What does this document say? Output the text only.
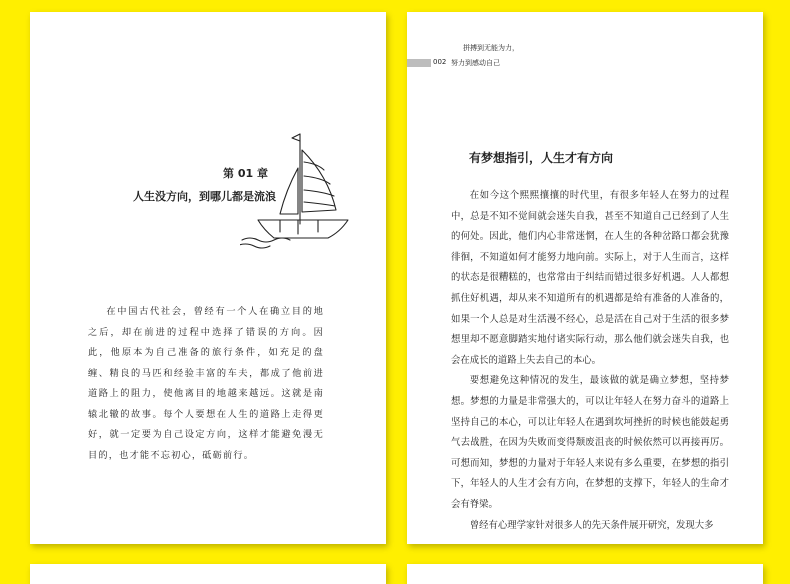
第 01 章
人生没方向，到哪儿都是流浪

在中国古代社会，曾经有一个人在确立目的地之后，却在前进的过程中选择了错误的方向。因此，他原本为自己准备的旅行条件，如充足的盘缠、精良的马匹和经验丰富的车夫，都成了他前进道路上的阻力，使他离目的地越来越远。这就是南辕北辙的故事。每个人要想在人生的道路上走得更好，就一定要为自己设定方向，这样才能避免漫无目的，也才能不忘初心，砥砺前行。

拼搏到无能为力，
002 努力到感动自己
有梦想指引，人生才有方向

在如今这个熙熙攘攘的时代里，有很多年轻人在努力的过程中，总是不知不觉间就会迷失自我，甚至不知道自己已经到了人生的何处。因此，他们内心非常迷惘，在人生的各种岔路口都会犹豫徘徊，不知道如何才能努力地向前。实际上，对于人生而言，这样的状态是很糟糕的，也常常由于纠结而错过很多好机遇。人人都想抓住好机遇，却从来不知道所有的机遇都是给有准备的人准备的，如果一个人总是对生活漫不经心，总是活在自己对于生活的很多梦想里却不愿意脚踏实地付诸实际行动，那么他们就会迷失自我，也会在成长的道路上失去自己的本心。

要想避免这种情况的发生，最该做的就是确立梦想，坚持梦想。梦想的力量是非常强大的，可以让年轻人在努力奋斗的道路上坚持自己的本心，可以让年轻人在遇到坎坷挫折的时候也能鼓起勇气去战胜，在因为失败而变得颓废沮丧的时候依然可以再接再厉。可想而知，梦想的力量对于年轻人来说有多么重要，在梦想的指引下，年轻人的人生才会有方向，在梦想的支撑下，年轻人的生命才会有脊梁。

曾经有心理学家针对很多人的先天条件展开研究，发现大多
